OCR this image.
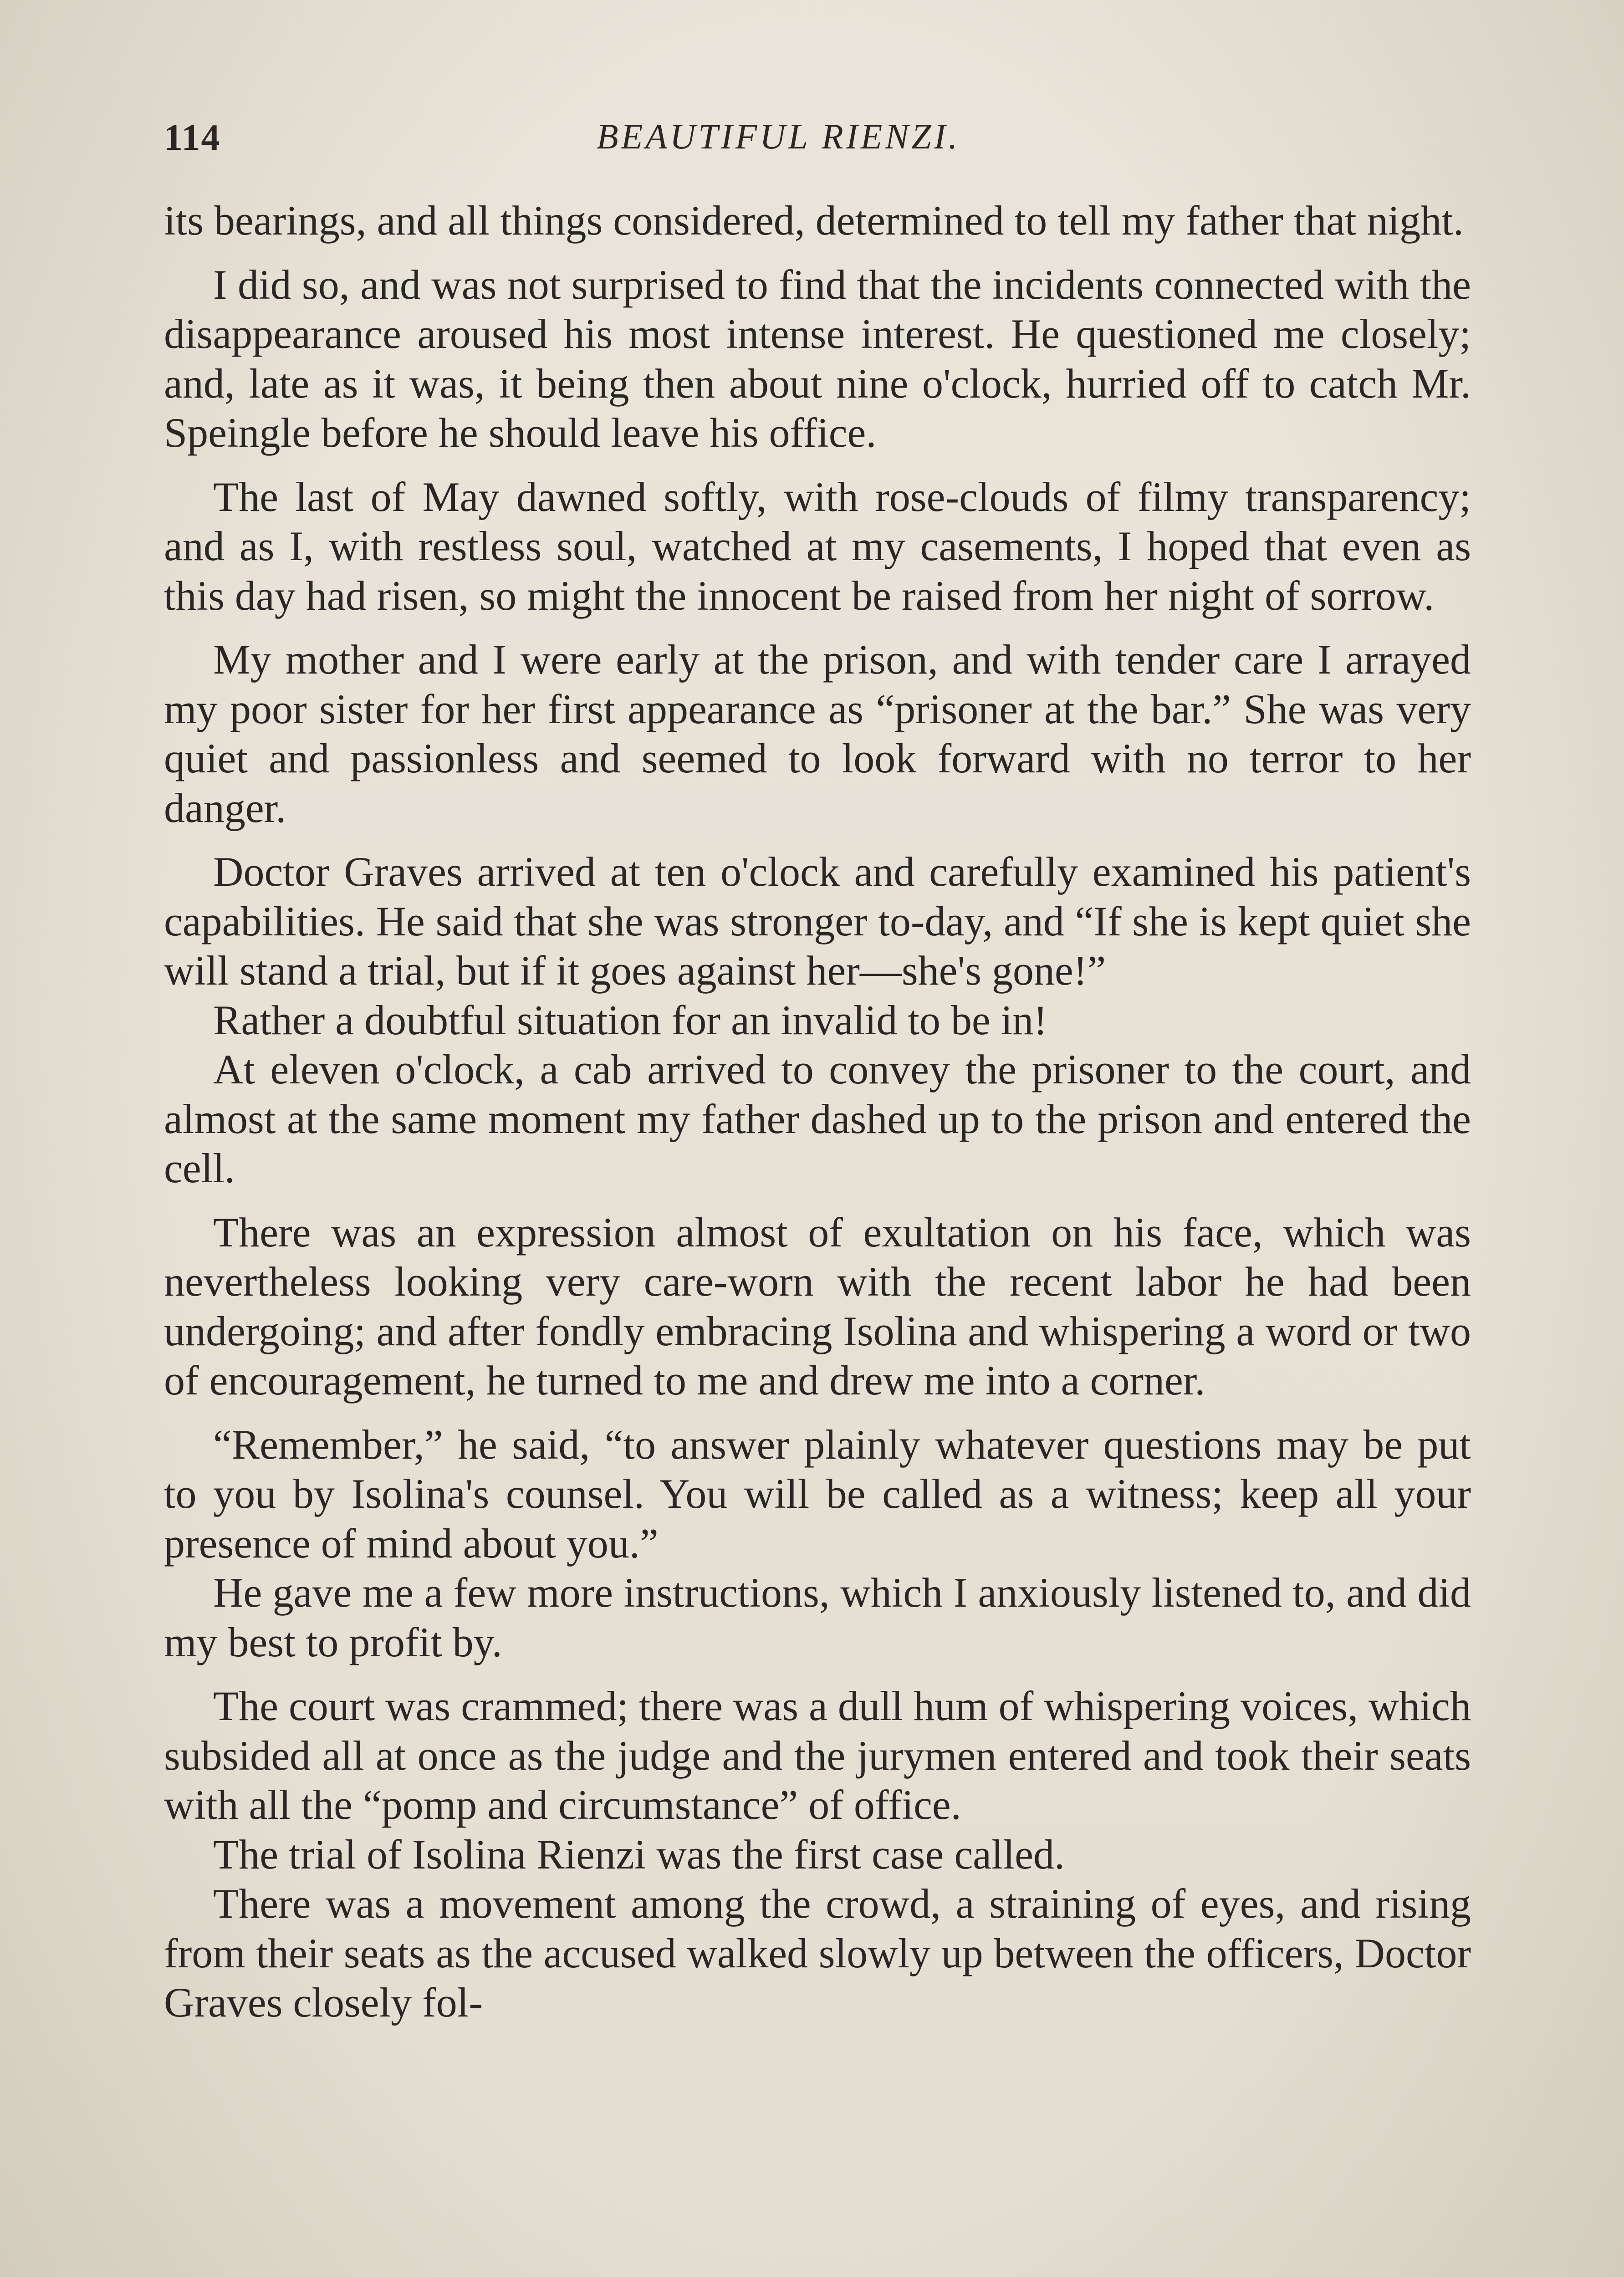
114	BEAUTIFUL RIENZI.

its bearings, and all things considered, determined to tell my father that night.

I did so, and was not surprised to find that the incidents connected with the disappearance aroused his most intense interest. He questioned me closely; and, late as it was, it being then about nine o'clock, hurried off to catch Mr. Speingle before he should leave his office.

The last of May dawned softly, with rose-clouds of filmy transparency; and as I, with restless soul, watched at my casements, I hoped that even as this day had risen, so might the innocent be raised from her night of sorrow.

My mother and I were early at the prison, and with tender care I arrayed my poor sister for her first appearance as “prisoner at the bar.” She was very quiet and passionless and seemed to look forward with no terror to her danger.

Doctor Graves arrived at ten o'clock and carefully examined his patient's capabilities. He said that she was stronger to-day, and “If she is kept quiet she will stand a trial, but if it goes against her—she's gone!”

Rather a doubtful situation for an invalid to be in!

At eleven o'clock, a cab arrived to convey the prisoner to the court, and almost at the same moment my father dashed up to the prison and entered the cell.

There was an expression almost of exultation on his face, which was nevertheless looking very care-worn with the recent labor he had been undergoing; and after fondly embracing Isolina and whispering a word or two of encouragement, he turned to me and drew me into a corner.

“Remember,” he said, “to answer plainly whatever questions may be put to you by Isolina's counsel. You will be called as a witness; keep all your presence of mind about you.”

He gave me a few more instructions, which I anxiously listened to, and did my best to profit by.

The court was crammed; there was a dull hum of whispering voices, which subsided all at once as the judge and the jurymen entered and took their seats with all the “pomp and circumstance” of office.

The trial of Isolina Rienzi was the first case called.

There was a movement among the crowd, a straining of eyes, and rising from their seats as the accused walked slowly up between the officers, Doctor Graves closely fol-
